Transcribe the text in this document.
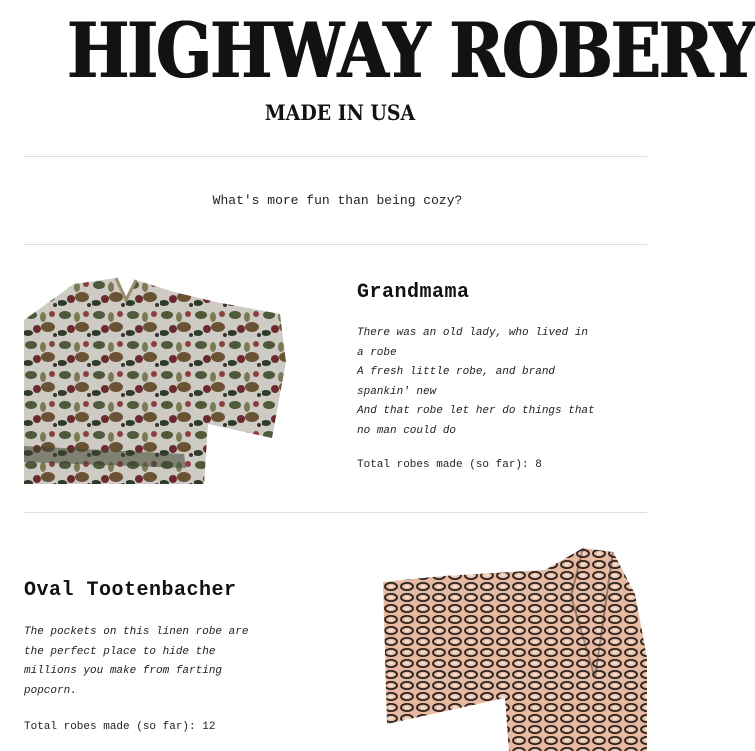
HIGHWAY ROBERY
MADE IN USA
What's more fun than being cozy?
Grandmama
There was an old lady, who lived in
a robe
A fresh little robe, and brand
spankin' new
And that robe let her do things that
no man could do
Total robes made (so far): 8
Oval Tootenbacher
The pockets on this linen robe are
the perfect place to hide the
millions you make from farting
popcorn.
Total robes made (so far): 12
